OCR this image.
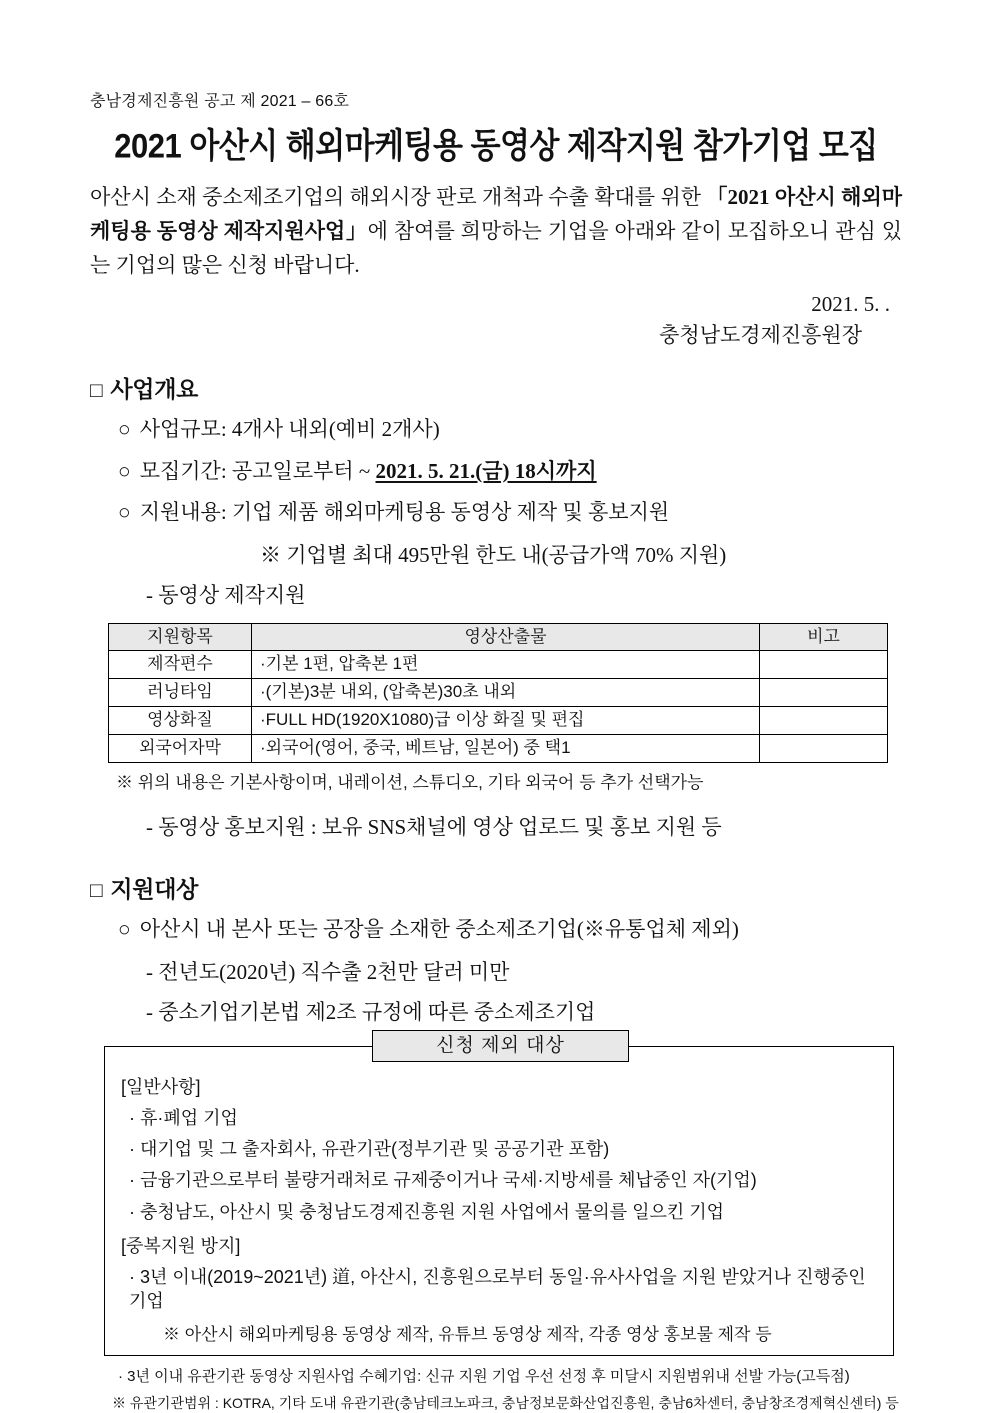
충남경제진흥원 공고 제 2021 – 66호
2021 아산시 해외마케팅용 동영상 제작지원 참가기업 모집
아산시 소재 중소제조기업의 해외시장 판로 개척과 수출 확대를 위한 「2021 아산시 해외마케팅용 동영상 제작지원사업」에 참여를 희망하는 기업을 아래와 같이 모집하오니 관심 있는 기업의 많은 신청 바랍니다.
2021. 5. .
충청남도경제진흥원장
□ 사업개요
○ 사업규모: 4개사 내외(예비 2개사)
○ 모집기간: 공고일로부터 ~ 2021. 5. 21.(금) 18시까지
○ 지원내용: 기업 제품 해외마케팅용 동영상 제작 및 홍보지원
※ 기업별 최대 495만원 한도 내(공급가액 70% 지원)
- 동영상 제작지원
지원항목	영상산출물	비고
제작편수	·기본 1편, 압축본 1편	
러닝타임	·(기본)3분 내외, (압축본)30초 내외	
영상화질	·FULL HD(1920X1080)급 이상 화질 및 편집	
외국어자막	·외국어(영어, 중국, 베트남, 일본어) 중 택1	
※ 위의 내용은 기본사항이며, 내레이션, 스튜디오, 기타 외국어 등 추가 선택가능
- 동영상 홍보지원 : 보유 SNS채널에 영상 업로드 및 홍보 지원 등
□ 지원대상
○ 아산시 내 본사 또는 공장을 소재한 중소제조기업(※유통업체 제외)
- 전년도(2020년) 직수출 2천만 달러 미만
- 중소기업기본법 제2조 규정에 따른 중소제조기업
신청 제외 대상
[일반사항]
· 휴·폐업 기업
· 대기업 및 그 출자회사, 유관기관(정부기관 및 공공기관 포함)
· 금융기관으로부터 불량거래처로 규제중이거나 국세·지방세를 체납중인 자(기업)
· 충청남도, 아산시 및 충청남도경제진흥원 지원 사업에서 물의를 일으킨 기업
[중복지원 방지]
· 3년 이내(2019~2021년) 道, 아산시, 진흥원으로부터 동일·유사사업을 지원 받았거나 진행중인 기업
※ 아산시 해외마케팅용 동영상 제작, 유튜브 동영상 제작, 각종 영상 홍보물 제작 등
· 3년 이내 유관기관 동영상 지원사업 수혜기업: 신규 지원 기업 우선 선정 후 미달시 지원범위내 선발 가능(고득점)
※ 유관기관범위 : KOTRA, 기타 도내 유관기관(충남테크노파크, 충남정보문화산업진흥원, 충남6차센터, 충남창조경제혁신센터) 등
